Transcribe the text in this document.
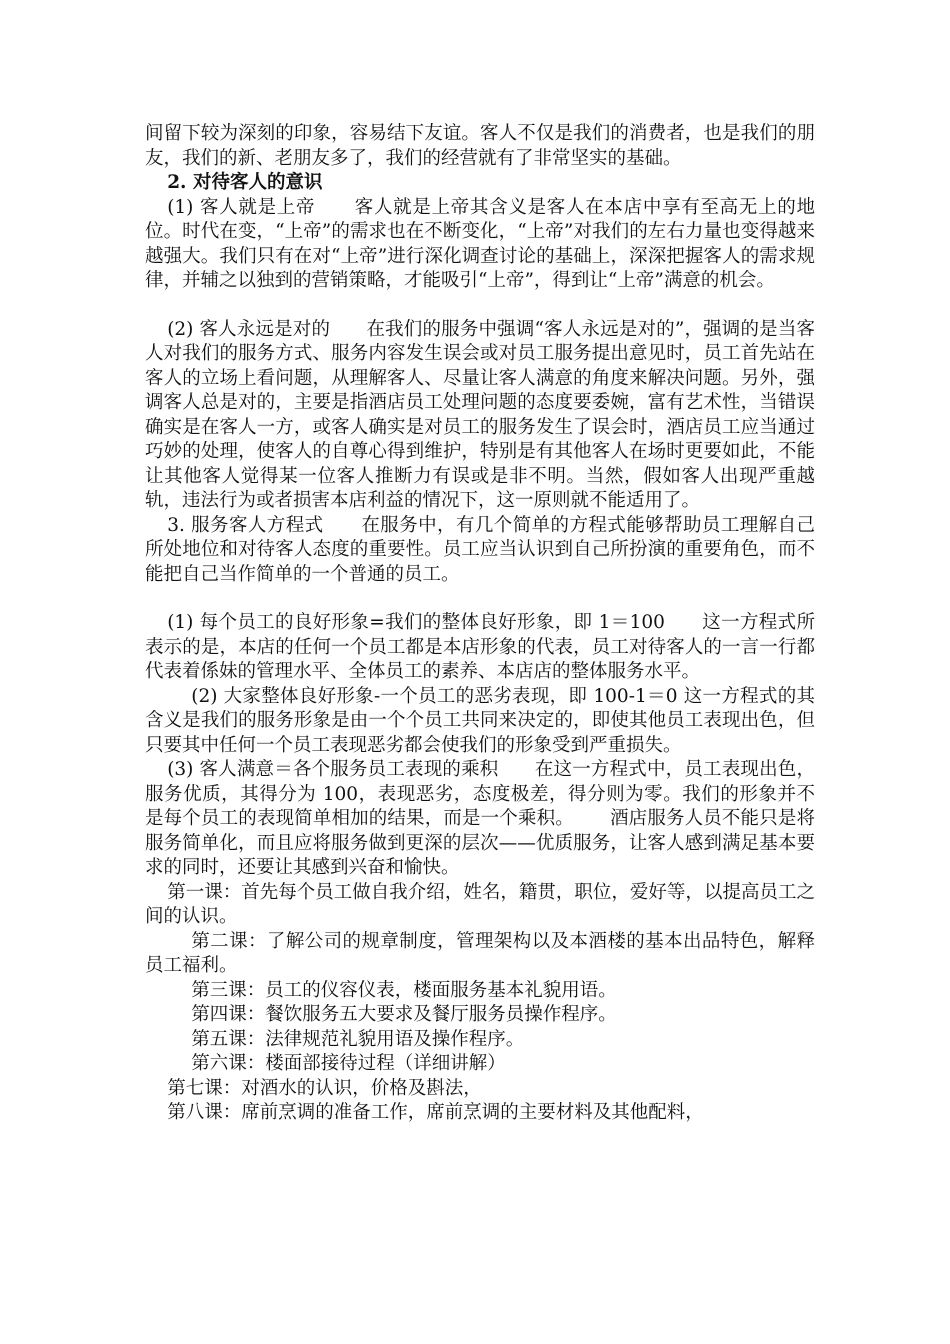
间留下较为深刻的印象，容易结下友谊。客人不仅是我们的消费者，也是我们的朋友，我们的新、老朋友多了，我们的经营就有了非常坚实的基础。

2. 对待客人的意识

(1) 客人就是上帝      客人就是上帝其含义是客人在本店中享有至高无上的地位。时代在变，“上帝”的需求也在不断变化，“上帝”对我们的左右力量也变得越来越强大。我们只有在对“上帝”进行深化调查讨论的基础上，深深把握客人的需求规律，并辅之以独到的营销策略，才能吸引“上帝”，得到让“上帝”满意的机会。

(2) 客人永远是对的      在我们的服务中强调“客人永远是对的”，强调的是当客人对我们的服务方式、服务内容发生误会或对员工服务提出意见时，员工首先站在客人的立场上看问题，从理解客人、尽量让客人满意的角度来解决问题。另外，强调客人总是对的，主要是指酒店员工处理问题的态度要委婉，富有艺术性，当错误确实是在客人一方，或客人确实是对员工的服务发生了误会时，酒店员工应当通过巧妙的处理，使客人的自尊心得到维护，特别是有其他客人在场时更要如此，不能让其他客人觉得某一位客人推断力有误或是非不明。当然，假如客人出现严重越轨，违法行为或者损害本店利益的情况下，这一原则就不能适用了。

3. 服务客人方程式      在服务中，有几个简单的方程式能够帮助员工理解自己所处地位和对待客人态度的重要性。员工应当认识到自己所扮演的重要角色，而不能把自己当作简单的一个普通的员工。

(1) 每个员工的良好形象=我们的整体良好形象，即 1＝100      这一方程式所表示的是，本店的任何一个员工都是本店形象的代表，员工对待客人的一言一行都代表着係妹的管理水平、全体员工的素养、本店店的整体服务水平。

(2) 大家整体良好形象-一个员工的恶劣表现，即 100-1＝0 这一方程式的其含义是我们的服务形象是由一个个员工共同来决定的，即使其他员工表现出色，但只要其中任何一个员工表现恶劣都会使我们的形象受到严重损失。

(3) 客人满意＝各个服务员工表现的乘积      在这一方程式中，员工表现出色，服务优质，其得分为 100，表现恶劣，态度极差，得分则为零。我们的形象并不是每个员工的表现简单相加的结果，而是一个乘积。      酒店服务人员不能只是将服务简单化，而且应将服务做到更深的层次——优质服务，让客人感到满足基本要求的同时，还要让其感到兴奋和愉快。

第一课：首先每个员工做自我介绍，姓名，籍贯，职位，爱好等，以提高员工之间的认识。

第二课：了解公司的规章制度，管理架构以及本酒楼的基本出品特色，解释员工福利。

第三课：员工的仪容仪表，楼面服务基本礼貌用语。

第四课：餐饮服务五大要求及餐厅服务员操作程序。

第五课：法律规范礼貌用语及操作程序。

第六课：楼面部接待过程（详细讲解）

第七课：对酒水的认识，价格及斟法，

第八课：席前烹调的准备工作，席前烹调的主要材料及其他配料，
